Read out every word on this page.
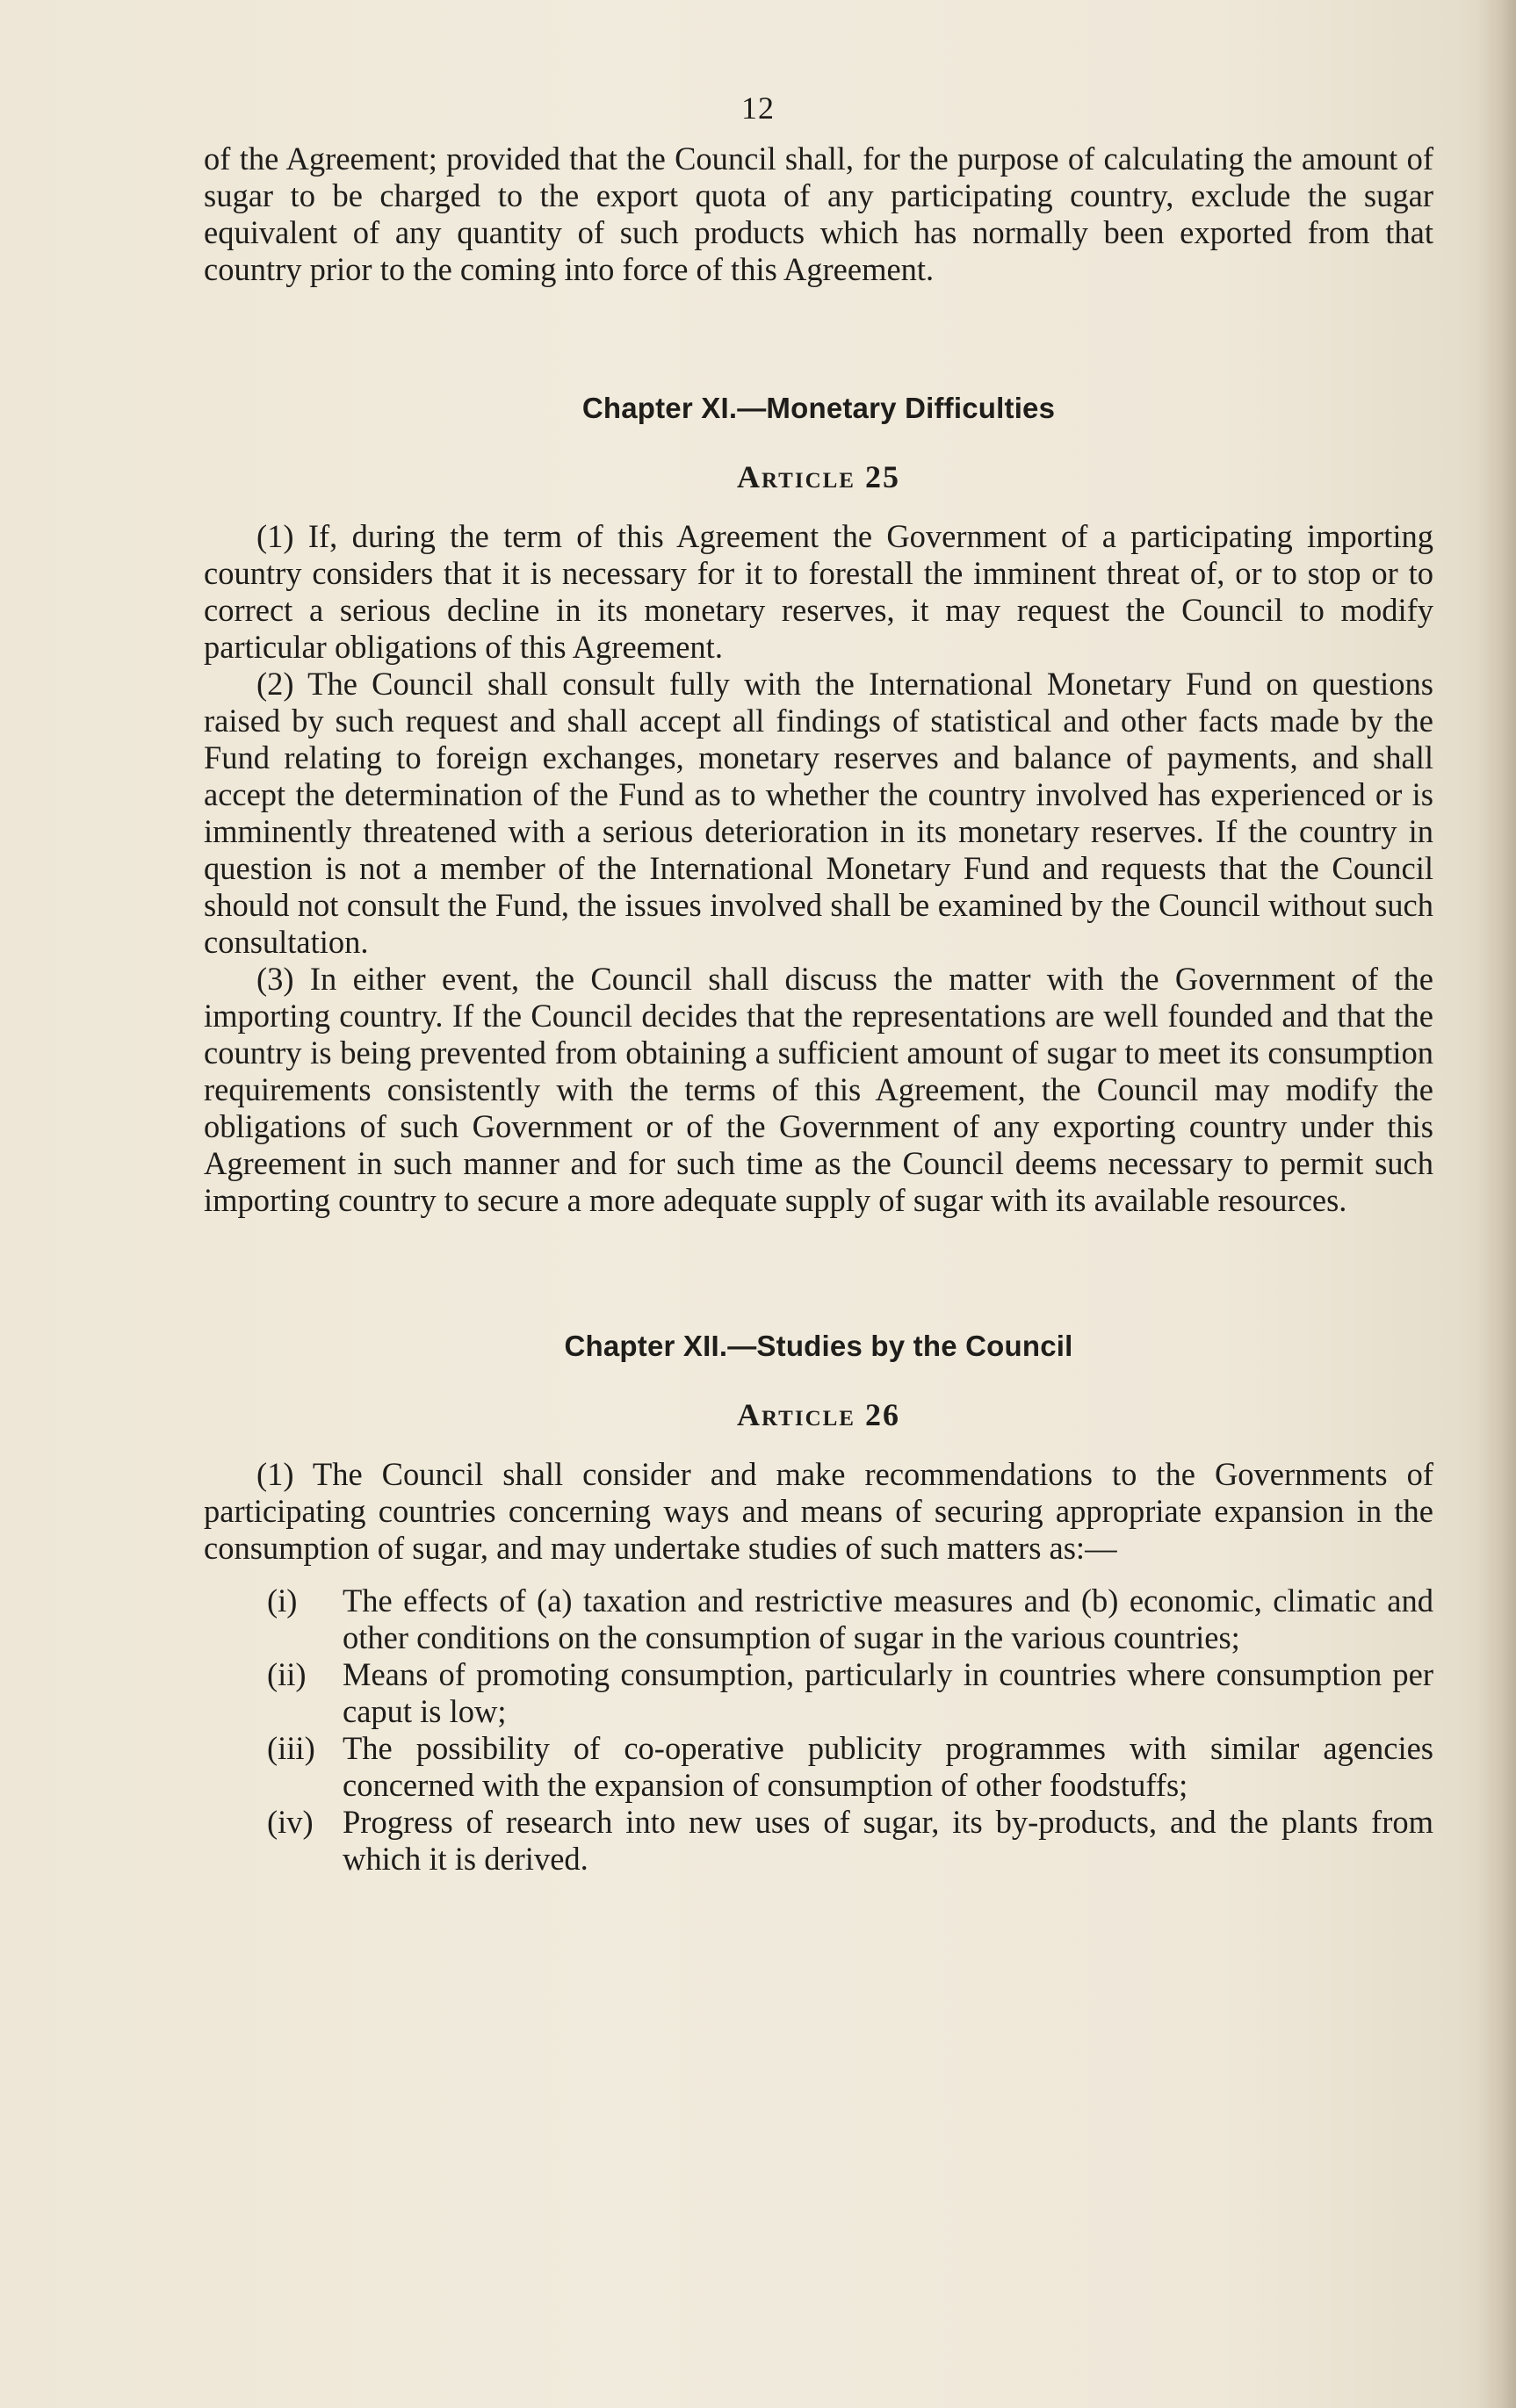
12

of the Agreement; provided that the Council shall, for the purpose of calculating the amount of sugar to be charged to the export quota of any participating country, exclude the sugar equivalent of any quantity of such products which has normally been exported from that country prior to the coming into force of this Agreement.

Chapter XI.—Monetary Difficulties
Article 25

(1) If, during the term of this Agreement the Government of a participating importing country considers that it is necessary for it to forestall the imminent threat of, or to stop or to correct a serious decline in its monetary reserves, it may request the Council to modify particular obligations of this Agreement.

(2) The Council shall consult fully with the International Monetary Fund on questions raised by such request and shall accept all findings of statistical and other facts made by the Fund relating to foreign exchanges, monetary reserves and balance of payments, and shall accept the determination of the Fund as to whether the country involved has experienced or is imminently threatened with a serious deterioration in its monetary reserves. If the country in question is not a member of the International Monetary Fund and requests that the Council should not consult the Fund, the issues involved shall be examined by the Council without such consultation.

(3) In either event, the Council shall discuss the matter with the Government of the importing country. If the Council decides that the representations are well founded and that the country is being prevented from obtaining a sufficient amount of sugar to meet its consumption requirements consistently with the terms of this Agreement, the Council may modify the obligations of such Government or of the Government of any exporting country under this Agreement in such manner and for such time as the Council deems necessary to permit such importing country to secure a more adequate supply of sugar with its available resources.

Chapter XII.—Studies by the Council
Article 26

(1) The Council shall consider and make recommendations to the Governments of participating countries concerning ways and means of securing appropriate expansion in the consumption of sugar, and may undertake studies of such matters as:—

(i)	The effects of (a) taxation and restrictive measures and (b) economic, climatic and other conditions on the consumption of sugar in the various countries;
(ii)	Means of promoting consumption, particularly in countries where consumption per caput is low;
(iii) The possibility of co-operative publicity programmes with similar agencies concerned with the expansion of consumption of other foodstuffs;
(iv) Progress of research into new uses of sugar, its by-products, and the plants from which it is derived.
